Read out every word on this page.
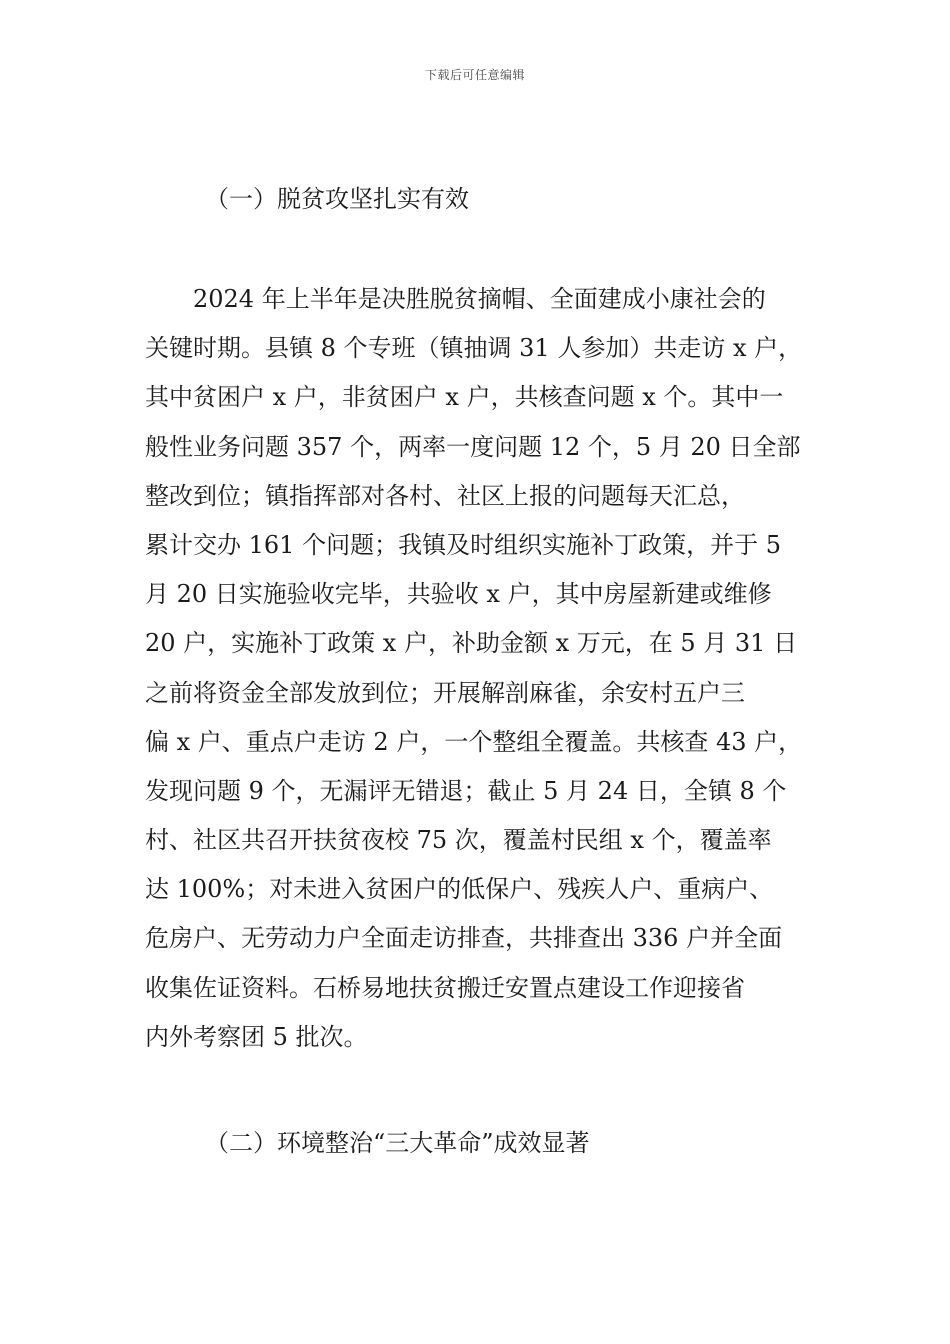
下载后可任意编辑
（一）脱贫攻坚扎实有效
　　2024 年上半年是决胜脱贫摘帽、全面建成小康社会的
关键时期。县镇 8 个专班（镇抽调 31 人参加）共走访 x 户，
其中贫困户 x 户，非贫困户 x 户，共核查问题 x 个。其中一
般性业务问题 357 个，两率一度问题 12 个，5 月 20 日全部
整改到位；镇指挥部对各村、社区上报的问题每天汇总，
累计交办 161 个问题；我镇及时组织实施补丁政策，并于 5
月 20 日实施验收完毕，共验收 x 户，其中房屋新建或维修
20 户，实施补丁政策 x 户，补助金额 x 万元，在 5 月 31 日
之前将资金全部发放到位；开展解剖麻雀，余安村五户三
偏 x 户、重点户走访 2 户，一个整组全覆盖。共核查 43 户，
发现问题 9 个，无漏评无错退；截止 5 月 24 日，全镇 8 个
村、社区共召开扶贫夜校 75 次，覆盖村民组 x 个，覆盖率
达 100%；对未进入贫困户的低保户、残疾人户、重病户、
危房户、无劳动力户全面走访排查，共排查出 336 户并全面
收集佐证资料。石桥易地扶贫搬迁安置点建设工作迎接省
内外考察团 5 批次。
（二）环境整治“三大革命”成效显著
